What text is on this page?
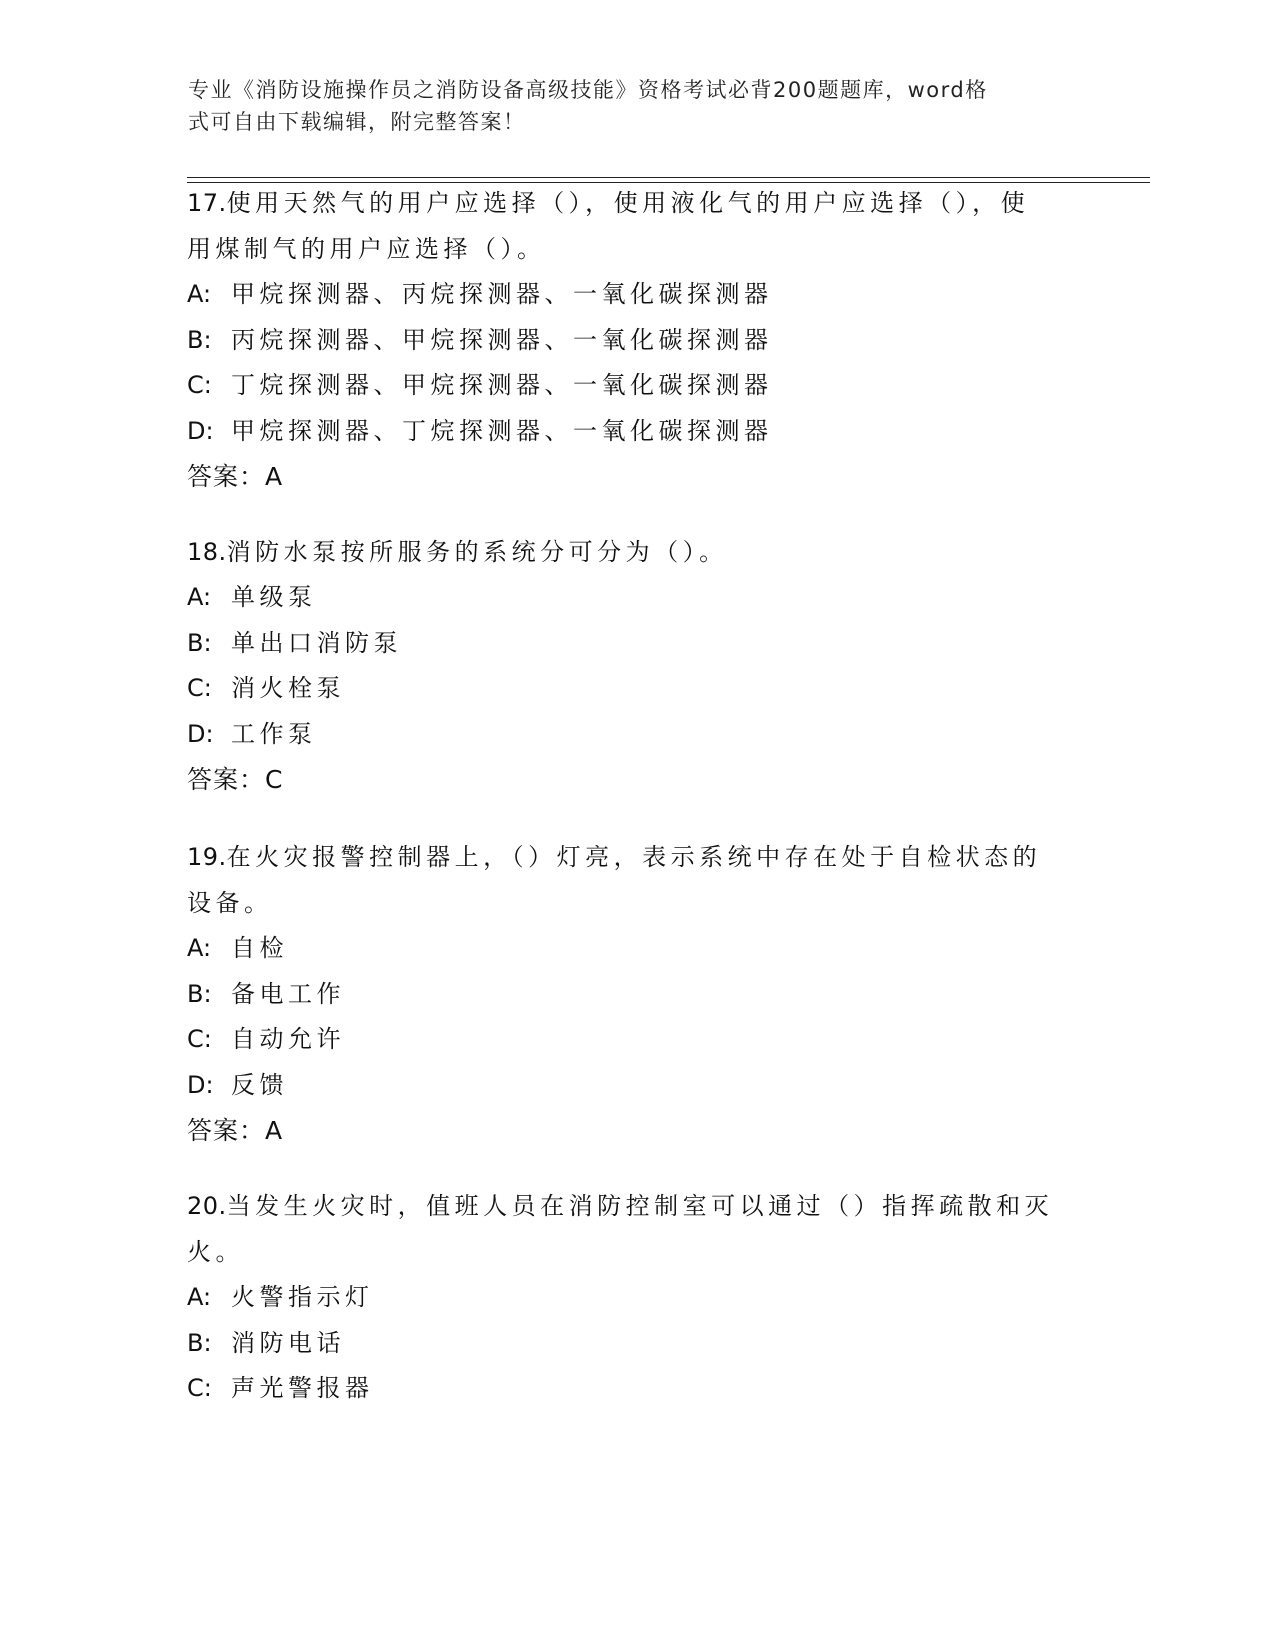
专业《消防设施操作员之消防设备高级技能》资格考试必背200题题库，word格
式可自由下载编辑，附完整答案！

17.使用天然气的用户应选择（），使用液化气的用户应选择（），使

用煤制气的用户应选择（）。

A: 甲烷探测器、丙烷探测器、一氧化碳探测器

B: 丙烷探测器、甲烷探测器、一氧化碳探测器

C: 丁烷探测器、甲烷探测器、一氧化碳探测器

D: 甲烷探测器、丁烷探测器、一氧化碳探测器

答案：A

18.消防水泵按所服务的系统分可分为（）。

A: 单级泵

B: 单出口消防泵

C: 消火栓泵

D: 工作泵

答案：C

19.在火灾报警控制器上，（）灯亮，表示系统中存在处于自检状态的

设备。

A: 自检

B: 备电工作

C: 自动允许

D: 反馈

答案：A

20.当发生火灾时，值班人员在消防控制室可以通过（）指挥疏散和灭

火。

A: 火警指示灯

B: 消防电话

C: 声光警报器
